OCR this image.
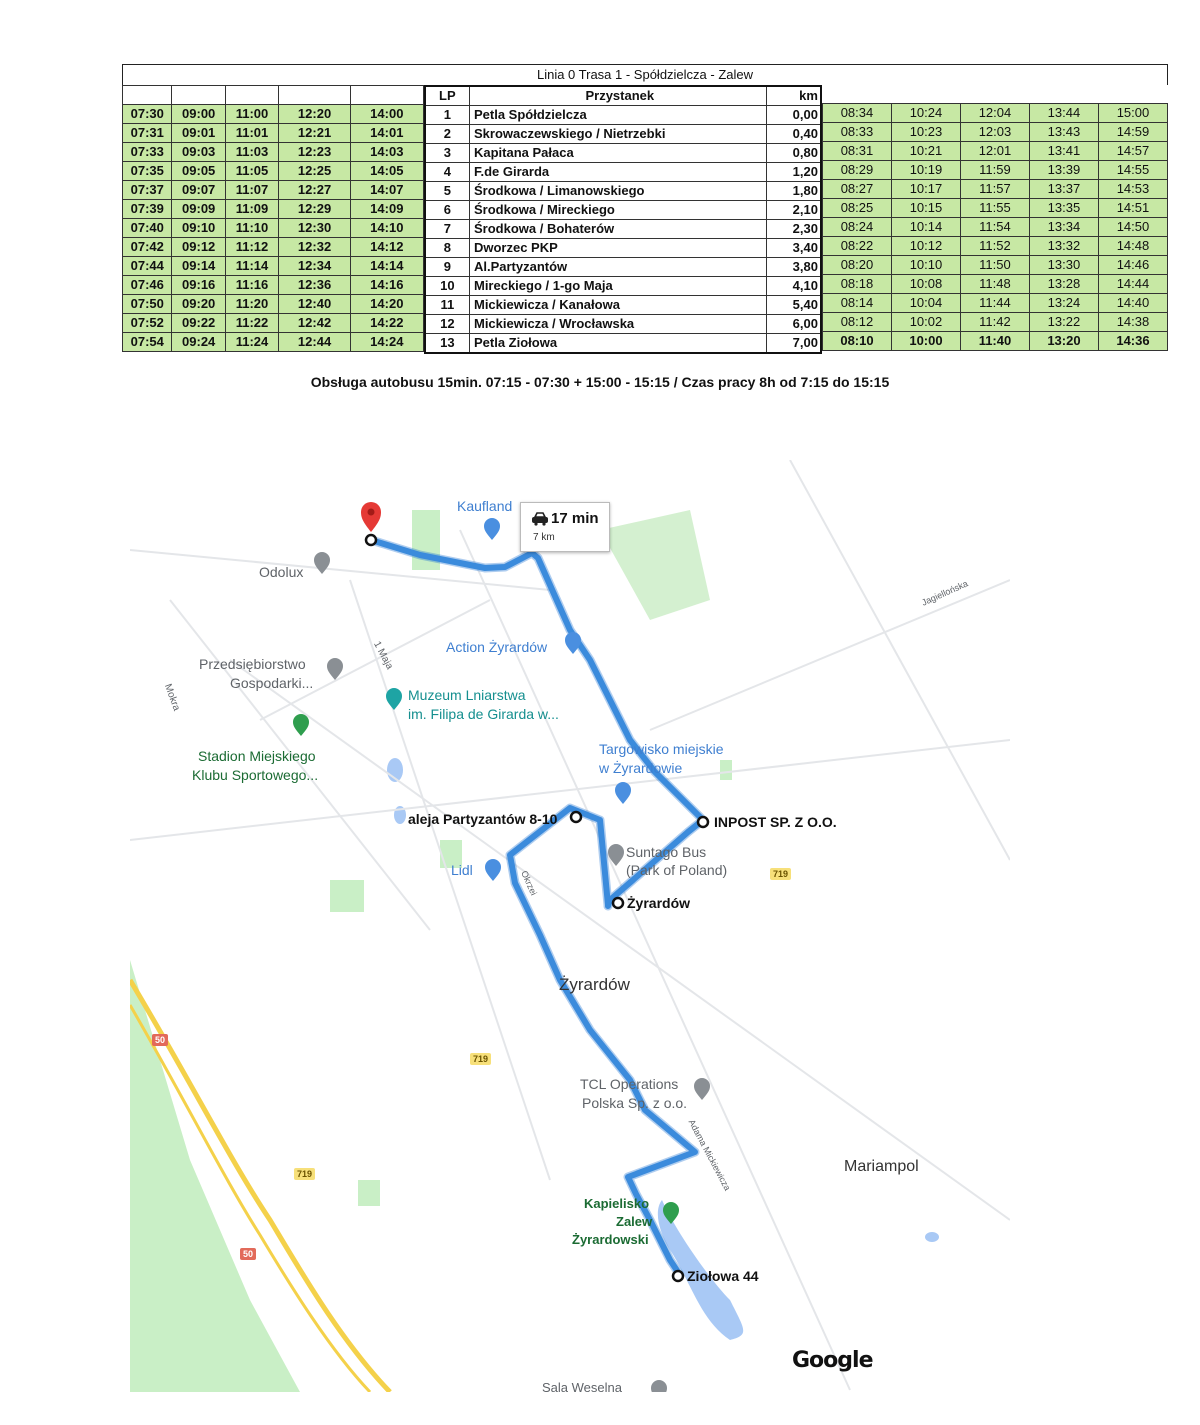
Linia 0 Trasa 1 - Spółdzielcza - Zalew

07:30	09:00	11:00	12:20	14:00
07:31	09:01	11:01	12:21	14:01
07:33	09:03	11:03	12:23	14:03
07:35	09:05	11:05	12:25	14:05
07:37	09:07	11:07	12:27	14:07
07:39	09:09	11:09	12:29	14:09
07:40	09:10	11:10	12:30	14:10
07:42	09:12	11:12	12:32	14:12
07:44	09:14	11:14	12:34	14:14
07:46	09:16	11:16	12:36	14:16
07:50	09:20	11:20	12:40	14:20
07:52	09:22	11:22	12:42	14:22
07:54	09:24	11:24	12:44	14:24
LP	Przystanek	km
1	Petla Spółdzielcza	0,00
2	Skrowaczewskiego / Nietrzebki	0,40
3	Kapitana Pałaca	0,80
4	F.de Girarda	1,20
5	Środkowa / Limanowskiego	1,80
6	Środkowa / Mireckiego	2,10
7	Środkowa / Bohaterów	2,30
8	Dworzec PKP	3,40
9	Al.Partyzantów	3,80
10	Mireckiego / 1-go Maja	4,10
11	Mickiewicza / Kanałowa	5,40
12	Mickiewicza / Wrocławska	6,00
13	Petla Ziołowa	7,00
08:34	10:24	12:04	13:44	15:00
08:33	10:23	12:03	13:43	14:59
08:31	10:21	12:01	13:41	14:57
08:29	10:19	11:59	13:39	14:55
08:27	10:17	11:57	13:37	14:53
08:25	10:15	11:55	13:35	14:51
08:24	10:14	11:54	13:34	14:50
08:22	10:12	11:52	13:32	14:48
08:20	10:10	11:50	13:30	14:46
08:18	10:08	11:48	13:28	14:44
08:14	10:04	11:44	13:24	14:40
08:12	10:02	11:42	13:22	14:38
08:10	10:00	11:40	13:20	14:36
Obsługa autobusu 15min. 07:15 - 07:30 + 15:00 - 15:15 / Czas pracy 8h od 7:15 do 15:15
17 min
7 km
Kaufland
Odolux
Action Żyrardów
Przedsiębiorstwo
Gospodarki...
Muzeum Lniarstwa
im. Filipa de Girarda w...
Stadion Miejskiego
Klubu Sportowego...
Targowisko miejskie
w Żyrardowie
Suntago Bus
(Park of Poland)
Lidl
Żyrardów
TCL Operations
Polska Sp. z o.o.
Mariampol
Kapielisko
Zalew
Żyrardowski
Sala Weselna
Jagiellońska
Mokra
1 Maja
Adama Mickiewicza
Okrzei	719
719
719
50
50
INPOST SP. Z O.O.
aleja Partyzantów 8-10
Żyrardów
Ziołowa 44
Google
